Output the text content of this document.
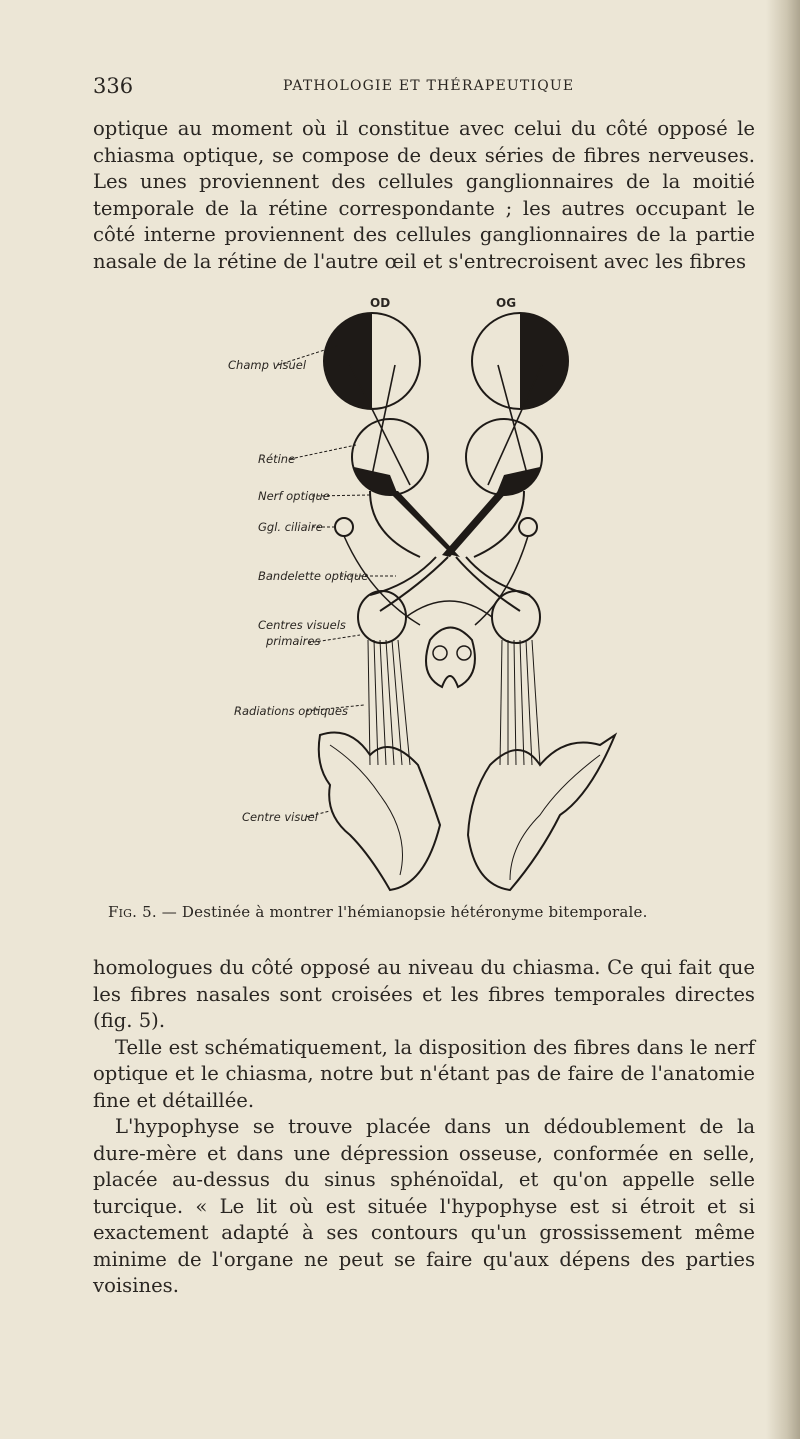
336	PATHOLOGIE ET THÉRAPEUTIQUE

optique au moment où il constitue avec celui du côté opposé le chiasma optique, se compose de deux séries de fibres nerveuses. Les unes proviennent des cellules ganglionnaires de la moitié temporale de la rétine correspondante ; les autres occupant le côté interne proviennent des cellules ganglionnaires de la partie nasale de la rétine de l'autre œil et s'entrecroisent avec les fibres

OD	OG
Champ visuel
Rétine
Nerf optique
Ggl. ciliaire
Bandelette optique
Centres visuels
primaires
Radiations optiques
Centre visuel
Fig. 5. — Destinée à montrer l'hémianopsie hétéronyme bitemporale.

homologues du côté opposé au niveau du chiasma. Ce qui fait que les fibres nasales sont croisées et les fibres temporales directes (fig. 5).

Telle est schématiquement, la disposition des fibres dans le nerf optique et le chiasma, notre but n'étant pas de faire de l'anatomie fine et détaillée.

L'hypophyse se trouve placée dans un dédoublement de la dure-mère et dans une dépression osseuse, conformée en selle, placée au-dessus du sinus sphénoïdal, et qu'on appelle selle turcique. « Le lit où est située l'hypophyse est si étroit et si exactement adapté à ses contours qu'un grossissement même minime de l'organe ne peut se faire qu'aux dépens des parties voisines.
